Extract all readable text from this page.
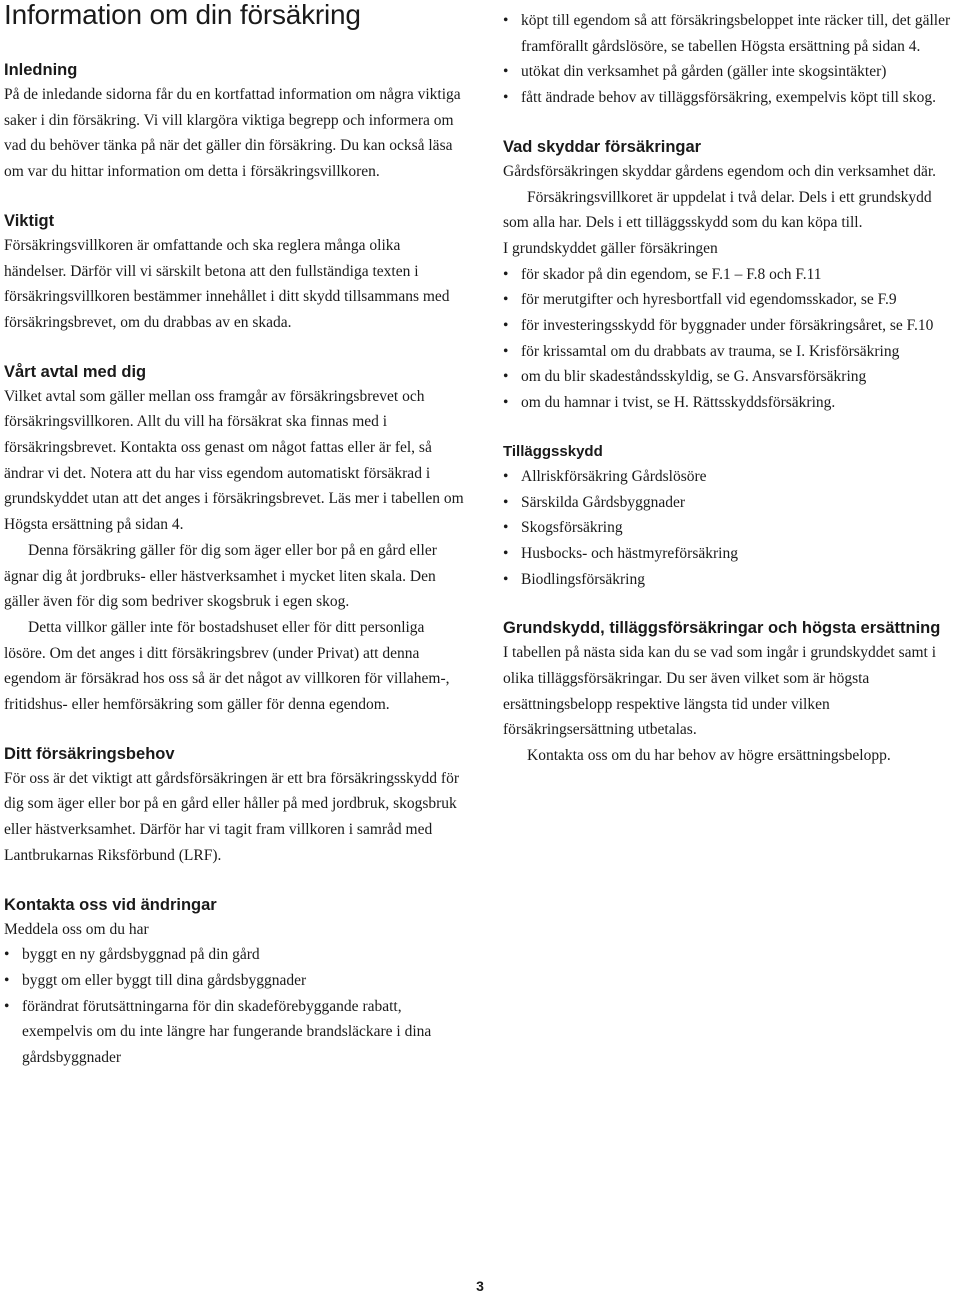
Information om din försäkring
Inledning

På de inledande sidorna får du en kortfattad information om några viktiga saker i din försäkring. Vi vill klargöra viktiga begrepp och informera om vad du behöver tänka på när det gäller din försäkring. Du kan också läsa om var du hittar information om detta i försäkringsvillkoren.

Viktigt

Försäkringsvillkoren är omfattande och ska reglera många olika händelser. Därför vill vi särskilt betona att den fullständiga texten i försäkringsvillkoren bestämmer innehållet i ditt skydd tillsammans med försäkringsbrevet, om du drabbas av en skada.

Vårt avtal med dig

Vilket avtal som gäller mellan oss framgår av försäkringsbrevet och försäkringsvillkoren. Allt du vill ha försäkrat ska finnas med i försäkringsbrevet. Kontakta oss genast om något fattas eller är fel, så ändrar vi det. Notera att du har viss egendom automatiskt försäkrad i grundskyddet utan att det anges i försäkringsbrevet. Läs mer i tabellen om Högsta ersättning på sidan 4.

Denna försäkring gäller för dig som äger eller bor på en gård eller ägnar dig åt jordbruks- eller hästverksamhet i mycket liten skala. Den gäller även för dig som bedriver skogsbruk i egen skog.

Detta villkor gäller inte för bostadshuset eller för ditt personliga lösöre. Om det anges i ditt försäkringsbrev (under Privat) att denna egendom är försäkrad hos oss så är det något av villkoren för villahem-, fritidshus- eller hemförsäkring som gäller för denna egendom.

Ditt försäkringsbehov

För oss är det viktigt att gårdsförsäkringen är ett bra försäkringsskydd för dig som äger eller bor på en gård eller håller på med jordbruk, skogsbruk eller hästverksamhet. Därför har vi tagit fram villkoren i samråd med Lantbrukarnas Riksförbund (LRF).

Kontakta oss vid ändringar

Meddela oss om du har

• byggt en ny gårdsbyggnad på din gård
• byggt om eller byggt till dina gårdsbyggnader
• förändrat förutsättningarna för din skadeförebyggande rabatt, exempelvis om du inte längre har fungerande brandsläckare i dina gårdsbyggnader
• köpt till egendom så att försäkringsbeloppet inte räcker till, det gäller framförallt gårdslösöre, se tabellen Högsta ersättning på sidan 4.
• utökat din verksamhet på gården (gäller inte skogsintäkter)
• fått ändrade behov av tilläggsförsäkring, exempelvis köpt till skog.
Vad skyddar försäkringar

Gårdsförsäkringen skyddar gårdens egendom och din verksamhet där.

Försäkringsvillkoret är uppdelat i två delar. Dels i ett grundskydd som alla har. Dels i ett tilläggsskydd som du kan köpa till.

I grundskyddet gäller försäkringen

• för skador på din egendom, se F.1 – F.8 och F.11
• för merutgifter och hyresbortfall vid egendomsskador, se F.9
• för investeringsskydd för byggnader under försäkringsåret, se F.10
• för krissamtal om du drabbats av trauma, se I. Krisförsäkring
• om du blir skadeståndsskyldig, se G. Ansvarsförsäkring
• om du hamnar i tvist, se H. Rättsskyddsförsäkring.
Tilläggsskydd
• Allriskförsäkring Gårdslösöre
• Särskilda Gårdsbyggnader
• Skogsförsäkring
• Husbocks- och hästmyreförsäkring
• Biodlingsförsäkring
Grundskydd, tilläggsförsäkringar och högsta ersättning

I tabellen på nästa sida kan du se vad som ingår i grundskyddet samt i olika tilläggsförsäkringar. Du ser även vilket som är högsta ersättningsbelopp respektive längsta tid under vilken försäkringsersättning utbetalas.

Kontakta oss om du har behov av högre ersättningsbelopp.

3
